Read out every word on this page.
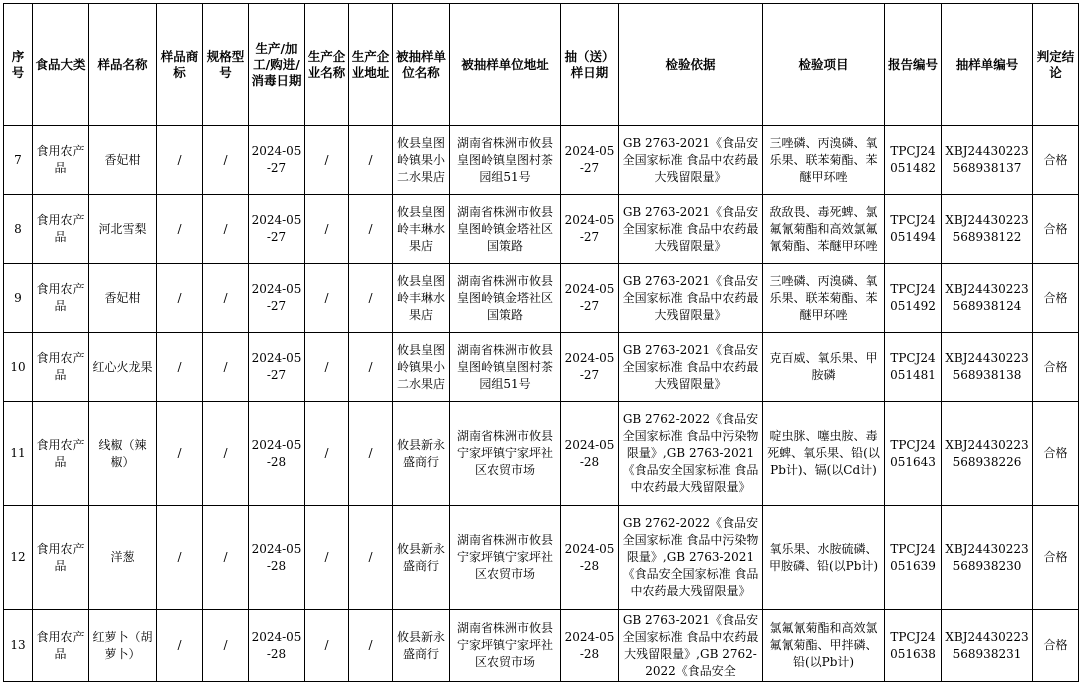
序号	食品大类	样品名称	样品商标	规格型号	生产/加工/购进/消毒日期	生产企业名称	生产企业地址	被抽样单位名称	被抽样单位地址	抽（送）样日期	检验依据	检验项目	报告编号	抽样单编号	判定结论
7	食用农产品	香妃柑	/	/	2024-05-27	/	/	攸县皇图岭镇果小二水果店	湖南省株洲市攸县皇图岭镇皇图村茶园组51号	2024-05-27	GB 2763-2021《食品安全国家标准 食品中农药最大残留限量》	三唑磷、丙溴磷、氧乐果、联苯菊酯、苯醚甲环唑	TPCJ24051482	XBJ24430223568938137	合格
8	食用农产品	河北雪梨	/	/	2024-05-27	/	/	攸县皇图岭丰琳水果店	湖南省株洲市攸县皇图岭镇金塔社区国策路	2024-05-27	GB 2763-2021《食品安全国家标准 食品中农药最大残留限量》	敌敌畏、毒死蜱、氯氟氰菊酯和高效氯氟氰菊酯、苯醚甲环唑	TPCJ24051494	XBJ24430223568938122	合格
9	食用农产品	香妃柑	/	/	2024-05-27	/	/	攸县皇图岭丰琳水果店	湖南省株洲市攸县皇图岭镇金塔社区国策路	2024-05-27	GB 2763-2021《食品安全国家标准 食品中农药最大残留限量》	三唑磷、丙溴磷、氧乐果、联苯菊酯、苯醚甲环唑	TPCJ24051492	XBJ24430223568938124	合格
10	食用农产品	红心火龙果	/	/	2024-05-27	/	/	攸县皇图岭镇果小二水果店	湖南省株洲市攸县皇图岭镇皇图村茶园组51号	2024-05-27	GB 2763-2021《食品安全国家标准 食品中农药最大残留限量》	克百威、氧乐果、甲胺磷	TPCJ24051481	XBJ24430223568938138	合格
11	食用农产品	线椒（辣椒）	/	/	2024-05-28	/	/	攸县新永盛商行	湖南省株洲市攸县宁家坪镇宁家坪社区农贸市场	2024-05-28	GB 2762-2022《食品安全国家标准 食品中污染物限量》,GB 2763-2021《食品安全国家标准 食品中农药最大残留限量》	啶虫脒、噻虫胺、毒死蜱、氧乐果、铅(以Pb计)、镉(以Cd计)	TPCJ24051643	XBJ24430223568938226	合格
12	食用农产品	洋葱	/	/	2024-05-28	/	/	攸县新永盛商行	湖南省株洲市攸县宁家坪镇宁家坪社区农贸市场	2024-05-28	GB 2762-2022《食品安全国家标准 食品中污染物限量》,GB 2763-2021《食品安全国家标准 食品中农药最大残留限量》	氧乐果、水胺硫磷、甲胺磷、铅(以Pb计)	TPCJ24051639	XBJ24430223568938230	合格
13	食用农产品	红萝卜（胡萝卜）	/	/	2024-05-28	/	/	攸县新永盛商行	湖南省株洲市攸县宁家坪镇宁家坪社区农贸市场	2024-05-28	GB 2763-2021《食品安全国家标准 食品中农药最大残留限量》,GB 2762-2022《食品安全	氯氟氰菊酯和高效氯氟氰菊酯、甲拌磷、铅(以Pb计)	TPCJ24051638	XBJ24430223568938231	合格
